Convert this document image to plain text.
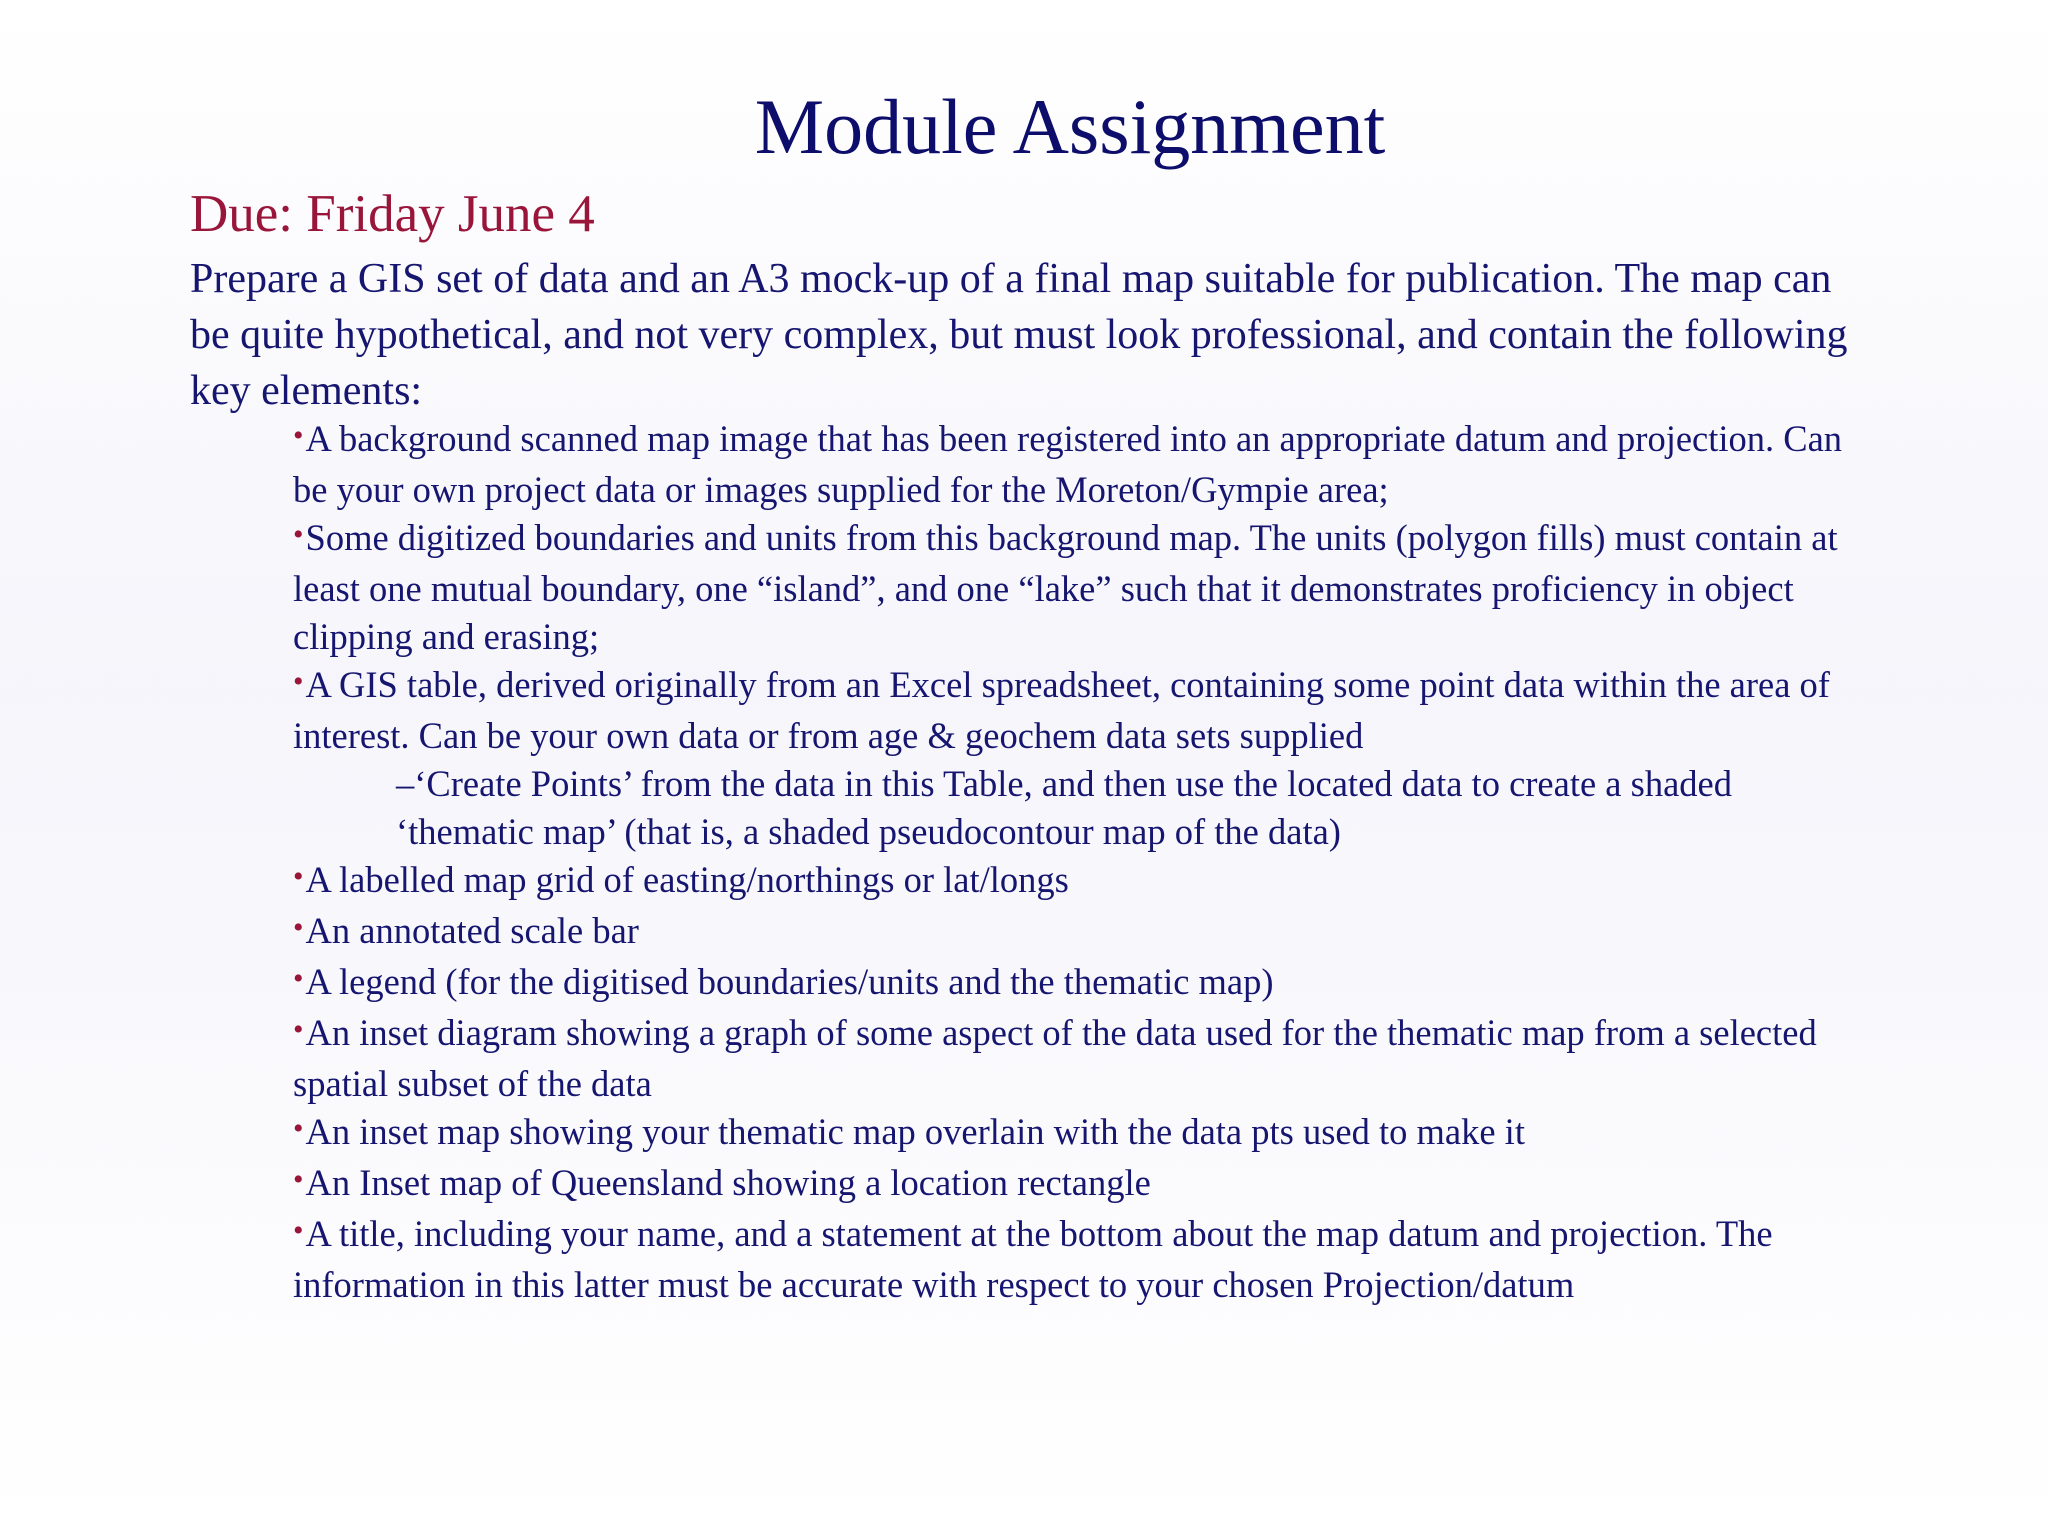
Module Assignment
Due: Friday June 4
Prepare a GIS set of data and an A3 mock-up of a final map suitable for publication. The map can be quite hypothetical, and not very complex, but must look professional, and contain the following key elements:
•A background scanned map image that has been registered into an appropriate datum and projection. Can be your own project data or images supplied for the Moreton/Gympie area;
•Some digitized boundaries and units from this background map. The units (polygon fills) must contain at least one mutual boundary, one “island”, and one “lake” such that it demonstrates proficiency in object clipping and erasing;
•A GIS table, derived originally from an Excel spreadsheet, containing some point data within the area of interest. Can be your own data or from age & geochem data sets supplied
–‘Create Points’ from the data in this Table, and then use the located data to create a shaded ‘thematic map’ (that is, a shaded pseudocontour map of the data)
•A labelled map grid of easting/northings or lat/longs
•An annotated scale bar
•A legend (for the digitised boundaries/units and the thematic map)
•An inset diagram showing a graph of some aspect of the data used for the thematic map from a selected spatial subset of the data
•An inset map showing your thematic map overlain with the data pts used to make it
•An Inset map of Queensland showing a location rectangle
•A title, including your name, and a statement at the bottom about the map datum and projection. The information in this latter must be accurate with respect to your chosen Projection/datum
